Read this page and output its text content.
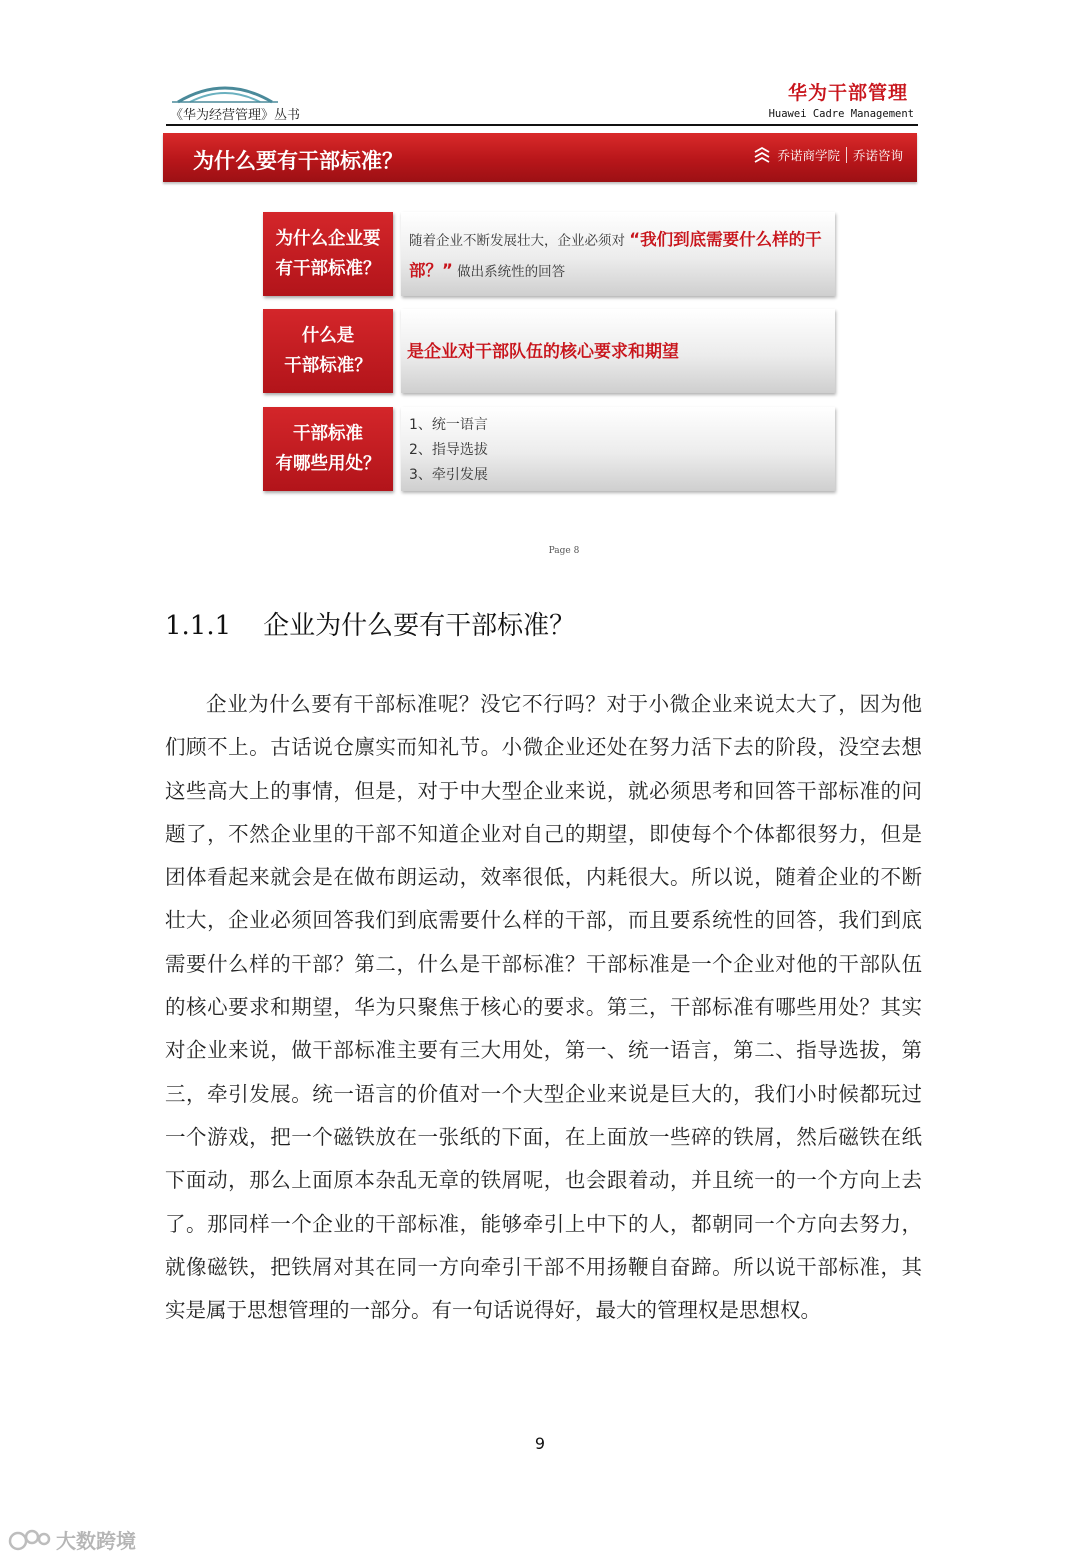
《华为经营管理》丛书
华为干部管理
Huawei Cadre Management
为什么要有干部标准？	乔诺商学院 乔诺咨询
为什么企业要
有干部标准？
随着企业不断发展壮大，企业必须对 “我们到底需要什么样的干部？” 做出系统性的回答
什么是
干部标准？
是企业对干部队伍的核心要求和期望
干部标准
有哪些用处？
1、统一语言
2、指导选拔
3、牵引发展
Page 8
1.1.1 企业为什么要有干部标准？

企业为什么要有干部标准呢？没它不行吗？对于小微企业来说太大了，因为他们顾不上。古话说仓廪实而知礼节。小微企业还处在努力活下去的阶段，没空去想这些高大上的事情，但是，对于中大型企业来说，就必须思考和回答干部标准的问题了，不然企业里的干部不知道企业对自己的期望，即使每个个体都很努力，但是团体看起来就会是在做布朗运动，效率很低，内耗很大。所以说，随着企业的不断壮大，企业必须回答我们到底需要什么样的干部，而且要系统性的回答，我们到底需要什么样的干部？第二，什么是干部标准？干部标准是一个企业对他的干部队伍的核心要求和期望，华为只聚焦于核心的要求。第三，干部标准有哪些用处？其实对企业来说，做干部标准主要有三大用处，第一、统一语言，第二、指导选拔，第三，牵引发展。统一语言的价值对一个大型企业来说是巨大的，我们小时候都玩过一个游戏，把一个磁铁放在一张纸的下面，在上面放一些碎的铁屑，然后磁铁在纸下面动，那么上面原本杂乱无章的铁屑呢，也会跟着动，并且统一的一个方向上去了。那同样一个企业的干部标准，能够牵引上中下的人，都朝同一个方向去努力，就像磁铁，把铁屑对其在同一方向牵引干部不用扬鞭自奋蹄。所以说干部标准，其实是属于思想管理的一部分。有一句话说得好，最大的管理权是思想权。

9
大数跨境
